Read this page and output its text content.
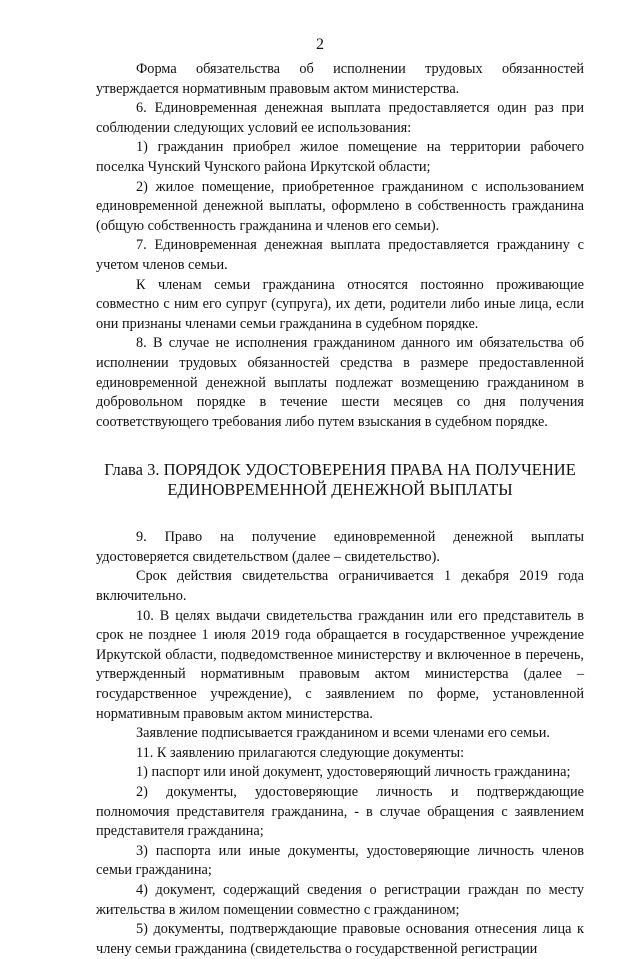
2

Форма обязательства об исполнении трудовых обязанностей утверждается нормативным правовым актом министерства.

6. Единовременная денежная выплата предоставляется один раз при соблюдении следующих условий ее использования:

1) гражданин приобрел жилое помещение на территории рабочего поселка Чунский Чунского района Иркутской области;

2) жилое помещение, приобретенное гражданином с использованием единовременной денежной выплаты, оформлено в собственность гражданина (общую собственность гражданина и членов его семьи).

7. Единовременная денежная выплата предоставляется гражданину с учетом членов семьи.

К членам семьи гражданина относятся постоянно проживающие совместно с ним его супруг (супруга), их дети, родители либо иные лица, если они признаны членами семьи гражданина в судебном порядке.

8. В случае не исполнения гражданином данного им обязательства об исполнении трудовых обязанностей средства в размере предоставленной единовременной денежной выплаты подлежат возмещению гражданином в добровольном порядке в течение шести месяцев со дня получения соответствующего требования либо путем взыскания в судебном порядке.

Глава 3. ПОРЯДОК УДОСТОВЕРЕНИЯ ПРАВА НА ПОЛУЧЕНИЕ
ЕДИНОВРЕМЕННОЙ ДЕНЕЖНОЙ ВЫПЛАТЫ

9. Право на получение единовременной денежной выплаты удостоверяется свидетельством (далее – свидетельство).

Срок действия свидетельства ограничивается 1 декабря 2019 года включительно.

10. В целях выдачи свидетельства гражданин или его представитель в срок не позднее 1 июля 2019 года обращается в государственное учреждение Иркутской области, подведомственное министерству и включенное в перечень, утвержденный нормативным правовым актом министерства (далее – государственное учреждение), с заявлением по форме, установленной нормативным правовым актом министерства.

Заявление подписывается гражданином и всеми членами его семьи.

11. К заявлению прилагаются следующие документы:

1) паспорт или иной документ, удостоверяющий личность гражданина;

2) документы, удостоверяющие личность и подтверждающие полномочия представителя гражданина, - в случае обращения с заявлением представителя гражданина;

3) паспорта или иные документы, удостоверяющие личность членов семьи гражданина;

4) документ, содержащий сведения о регистрации граждан по месту жительства в жилом помещении совместно с гражданином;

5) документы, подтверждающие правовые основания отнесения лица к члену семьи гражданина (свидетельства о государственной регистрации
